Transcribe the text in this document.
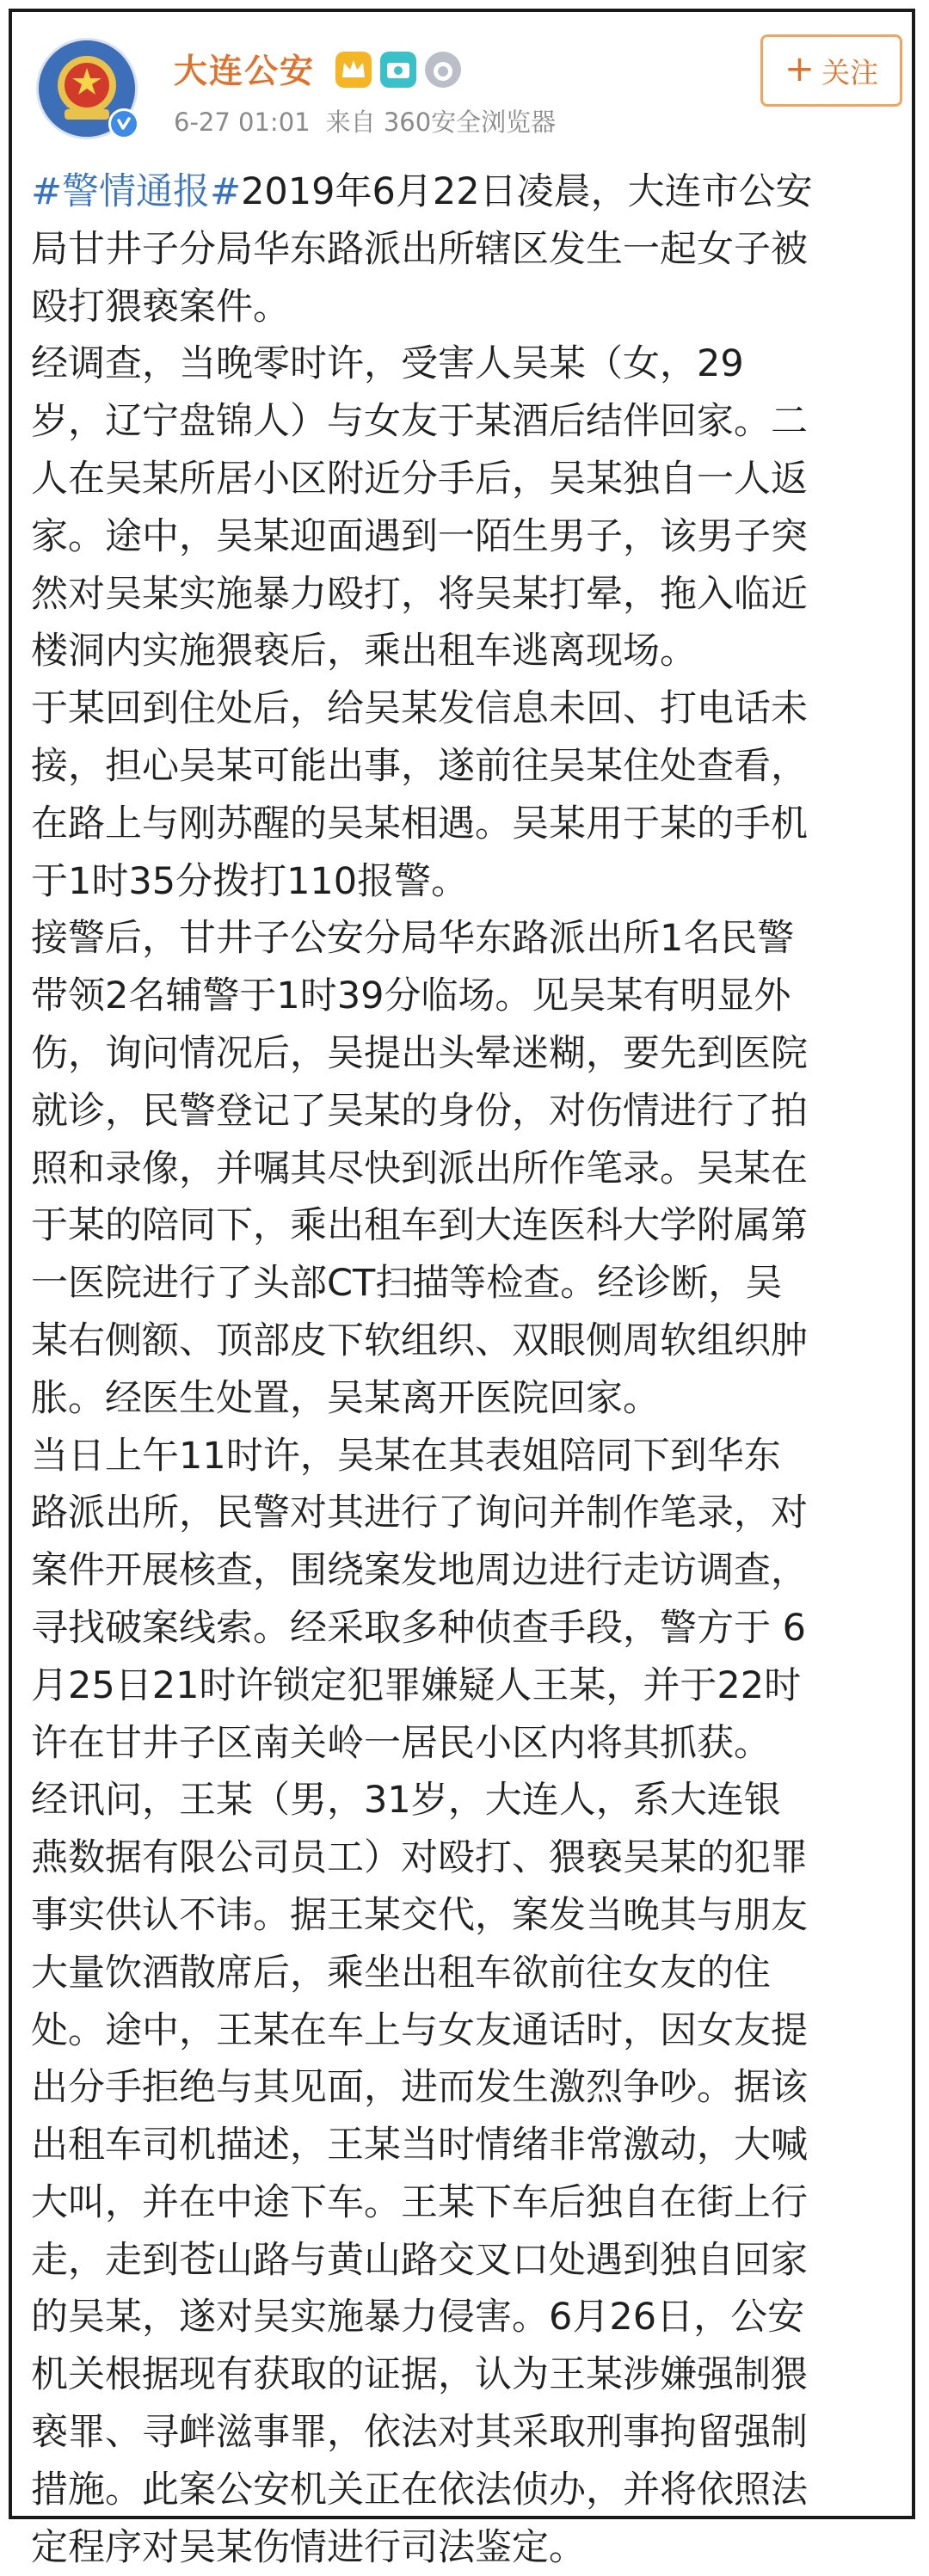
大连公安
6-27 01:01 来自 360安全浏览器
+ 关注

#警情通报#2019年6月22日凌晨，大连市公安
局甘井子分局华东路派出所辖区发生一起女子被
殴打猥亵案件。

经调查，当晚零时许，受害人吴某（女，29
岁，辽宁盘锦人）与女友于某酒后结伴回家。二
人在吴某所居小区附近分手后，吴某独自一人返
家。途中，吴某迎面遇到一陌生男子，该男子突
然对吴某实施暴力殴打，将吴某打晕，拖入临近
楼洞内实施猥亵后，乘出租车逃离现场。

于某回到住处后，给吴某发信息未回、打电话未
接，担心吴某可能出事，遂前往吴某住处查看，
在路上与刚苏醒的吴某相遇。吴某用于某的手机
于1时35分拨打110报警。

接警后，甘井子公安分局华东路派出所1名民警
带领2名辅警于1时39分临场。见吴某有明显外
伤，询问情况后，吴提出头晕迷糊，要先到医院
就诊，民警登记了吴某的身份，对伤情进行了拍
照和录像，并嘱其尽快到派出所作笔录。吴某在
于某的陪同下，乘出租车到大连医科大学附属第
一医院进行了头部CT扫描等检查。经诊断，吴
某右侧额、顶部皮下软组织、双眼侧周软组织肿
胀。经医生处置，吴某离开医院回家。

当日上午11时许，吴某在其表姐陪同下到华东
路派出所，民警对其进行了询问并制作笔录，对
案件开展核查，围绕案发地周边进行走访调查，
寻找破案线索。经采取多种侦查手段，警方于 6
月25日21时许锁定犯罪嫌疑人王某，并于22时
许在甘井子区南关岭一居民小区内将其抓获。

经讯问，王某（男，31岁，大连人，系大连银
燕数据有限公司员工）对殴打、猥亵吴某的犯罪
事实供认不讳。据王某交代，案发当晚其与朋友
大量饮酒散席后，乘坐出租车欲前往女友的住
处。途中，王某在车上与女友通话时，因女友提
出分手拒绝与其见面，进而发生激烈争吵。据该
出租车司机描述，王某当时情绪非常激动，大喊
大叫，并在中途下车。王某下车后独自在街上行
走，走到苍山路与黄山路交叉口处遇到独自回家
的吴某，遂对吴实施暴力侵害。6月26日，公安
机关根据现有获取的证据，认为王某涉嫌强制猥
亵罪、寻衅滋事罪，依法对其采取刑事拘留强制
措施。此案公安机关正在依法侦办，并将依照法
定程序对吴某伤情进行司法鉴定。
